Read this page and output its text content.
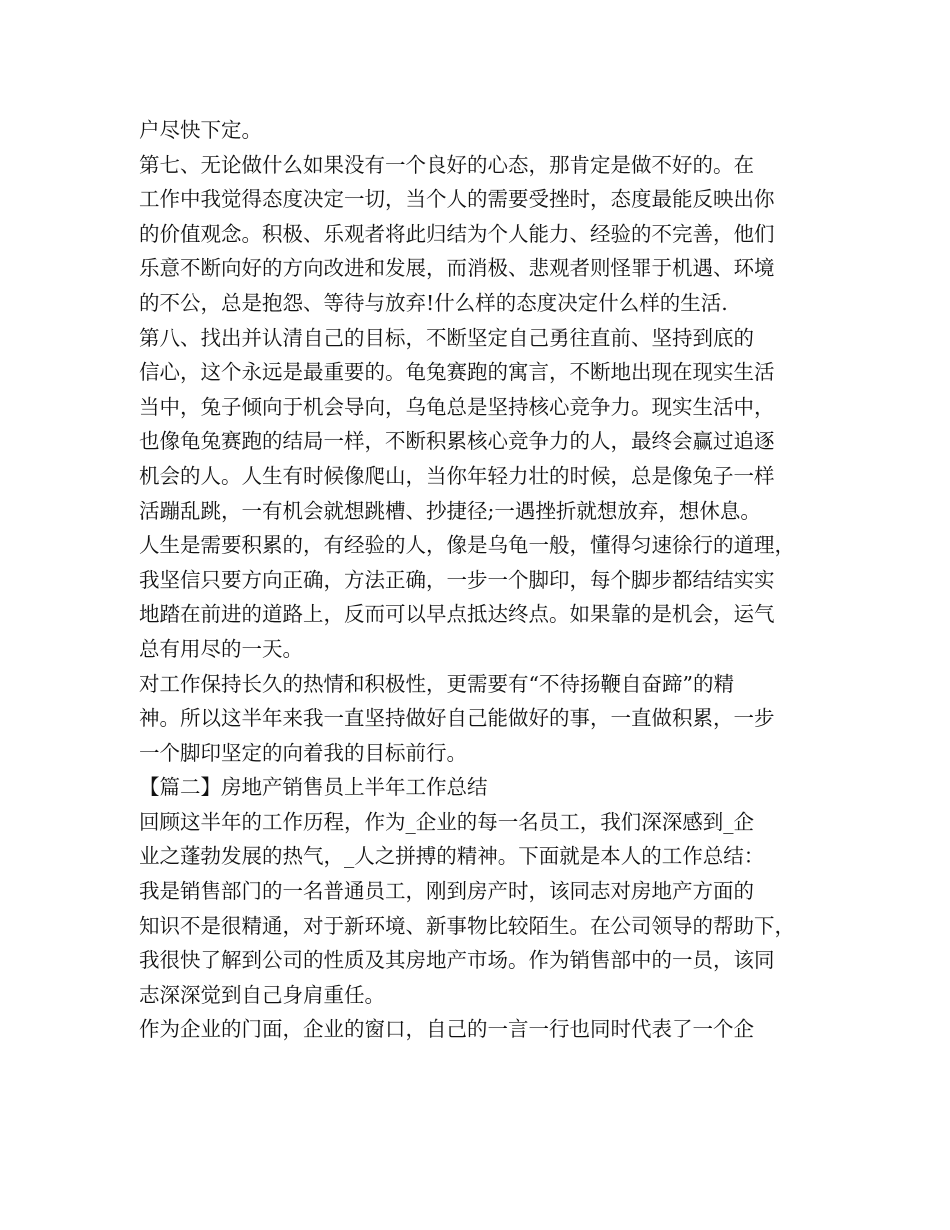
户尽快下定。
第七、无论做什么如果没有一个良好的心态，那肯定是做不好的。在
工作中我觉得态度决定一切，当个人的需要受挫时，态度最能反映出你
的价值观念。积极、乐观者将此归结为个人能力、经验的不完善，他们
乐意不断向好的方向改进和发展，而消极、悲观者则怪罪于机遇、环境
的不公，总是抱怨、等待与放弃!什么样的态度决定什么样的生活.
第八、找出并认清自己的目标，不断坚定自己勇往直前、坚持到底的
信心，这个永远是最重要的。龟兔赛跑的寓言，不断地出现在现实生活
当中，兔子倾向于机会导向，乌龟总是坚持核心竞争力。现实生活中，
也像龟兔赛跑的结局一样，不断积累核心竞争力的人，最终会赢过追逐
机会的人。人生有时候像爬山，当你年轻力壮的时候，总是像兔子一样
活蹦乱跳，一有机会就想跳槽、抄捷径;一遇挫折就想放弃，想休息。
人生是需要积累的，有经验的人，像是乌龟一般，懂得匀速徐行的道理，
我坚信只要方向正确，方法正确，一步一个脚印，每个脚步都结结实实
地踏在前进的道路上，反而可以早点抵达终点。如果靠的是机会，运气
总有用尽的一天。
对工作保持长久的热情和积极性，更需要有“不待扬鞭自奋蹄”的精
神。所以这半年来我一直坚持做好自己能做好的事，一直做积累，一步
一个脚印坚定的向着我的目标前行。
【篇二】房地产销售员上半年工作总结
回顾这半年的工作历程，作为_企业的每一名员工，我们深深感到_企
业之蓬勃发展的热气，_人之拼搏的精神。下面就是本人的工作总结：
我是销售部门的一名普通员工，刚到房产时，该同志对房地产方面的
知识不是很精通，对于新环境、新事物比较陌生。在公司领导的帮助下，
我很快了解到公司的性质及其房地产市场。作为销售部中的一员，该同
志深深觉到自己身肩重任。
作为企业的门面，企业的窗口，自己的一言一行也同时代表了一个企
